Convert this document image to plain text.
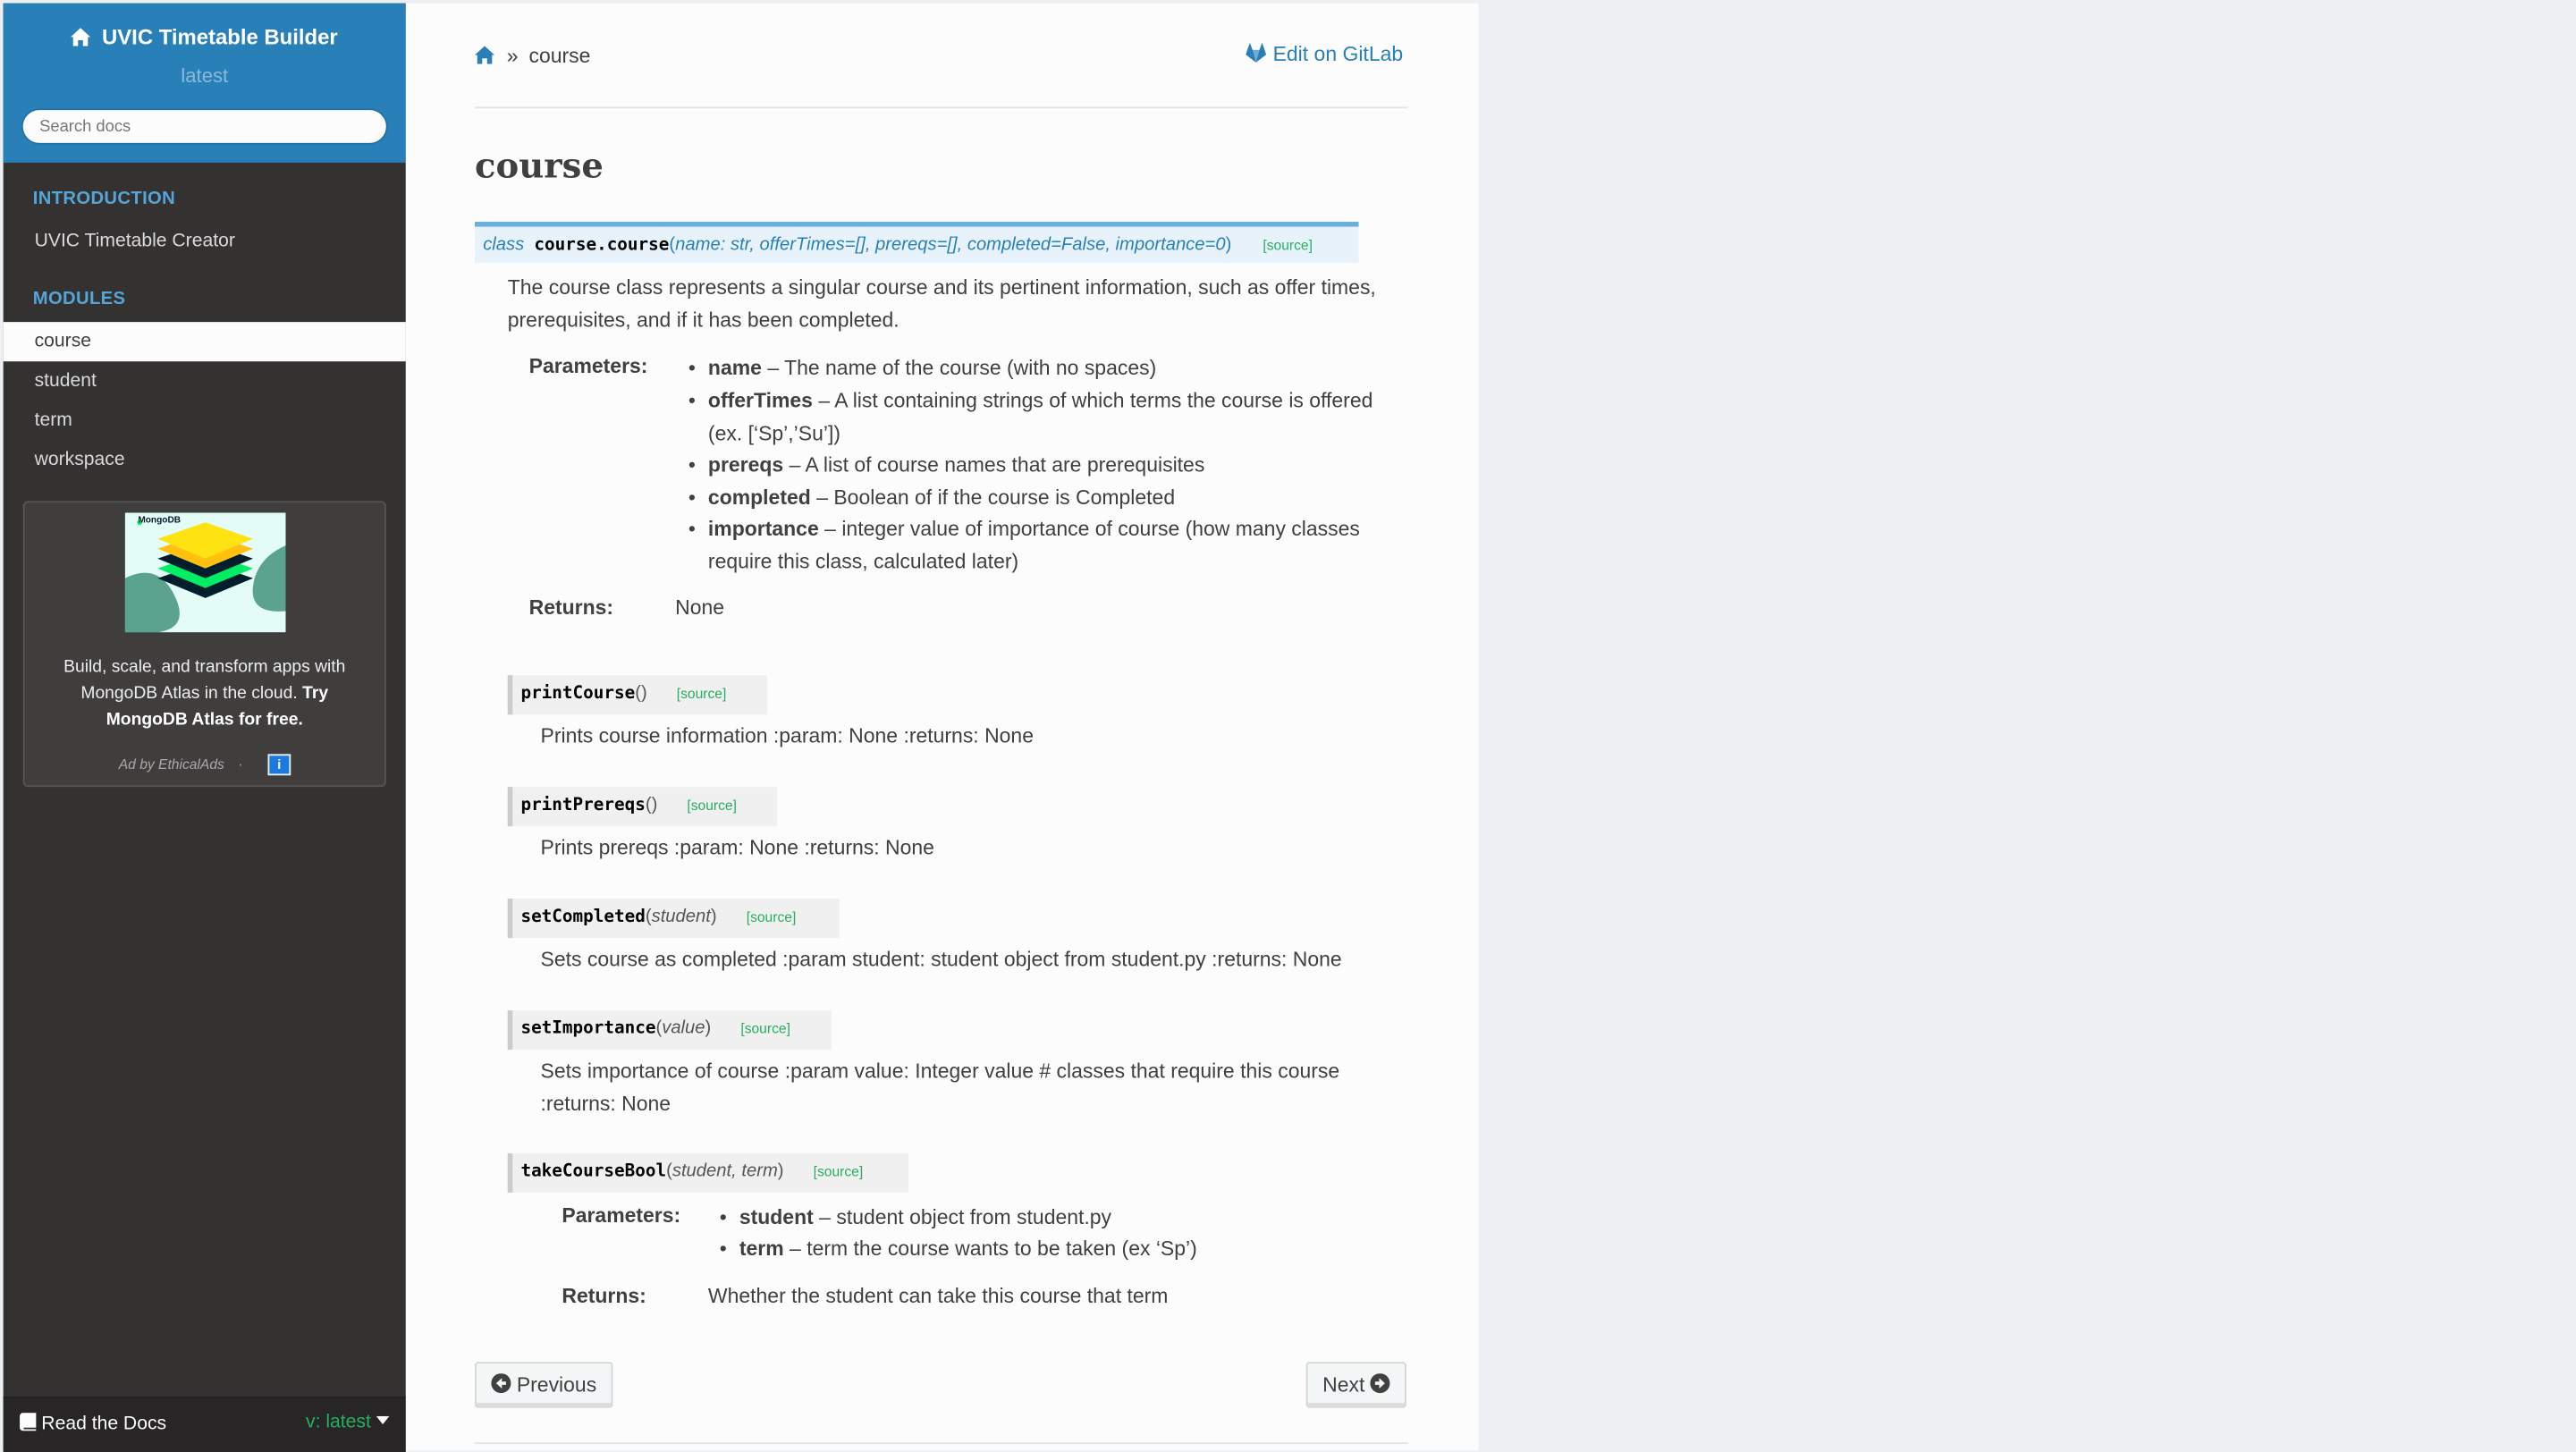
UVIC Timetable Builder
latest
Search docs
INTRODUCTION
UVIC Timetable Creator
MODULES
course
student
term
workspace
MongoDB
Build, scale, and transform apps with MongoDB Atlas in the cloud. Try MongoDB Atlas for free.
Ad by EthicalAds ·	i
Read the Docs	v: latest
» course	Edit on GitLab
course
class course.course(name: str, offerTimes=[], prereqs=[], completed=False, importance=0)	[source]
The course class represents a singular course and its pertinent information, such as offer times, prerequisites, and if it has been completed.
Parameters:	• name – The name of the course (with no spaces)
• offerTimes – A list containing strings of which terms the course is offered (ex. [‘Sp’,’Su’])
• prereqs – A list of course names that are prerequisites
• completed – Boolean of if the course is Completed
• importance – integer value of importance of course (how many classes require this class, calculated later)
Returns:	None
printCourse()	[source]
Prints course information :param: None :returns: None
printPrereqs()	[source]
Prints prereqs :param: None :returns: None
setCompleted(student)	[source]
Sets course as completed :param student: student object from student.py :returns: None
setImportance(value)	[source]
Sets importance of course :param value: Integer value # classes that require this course :returns: None
takeCourseBool(student, term)	[source]
Parameters:	• student – student object from student.py
• term – term the course wants to be taken (ex ‘Sp’)
Returns:	Whether the student can take this course that term
Previous	Next
